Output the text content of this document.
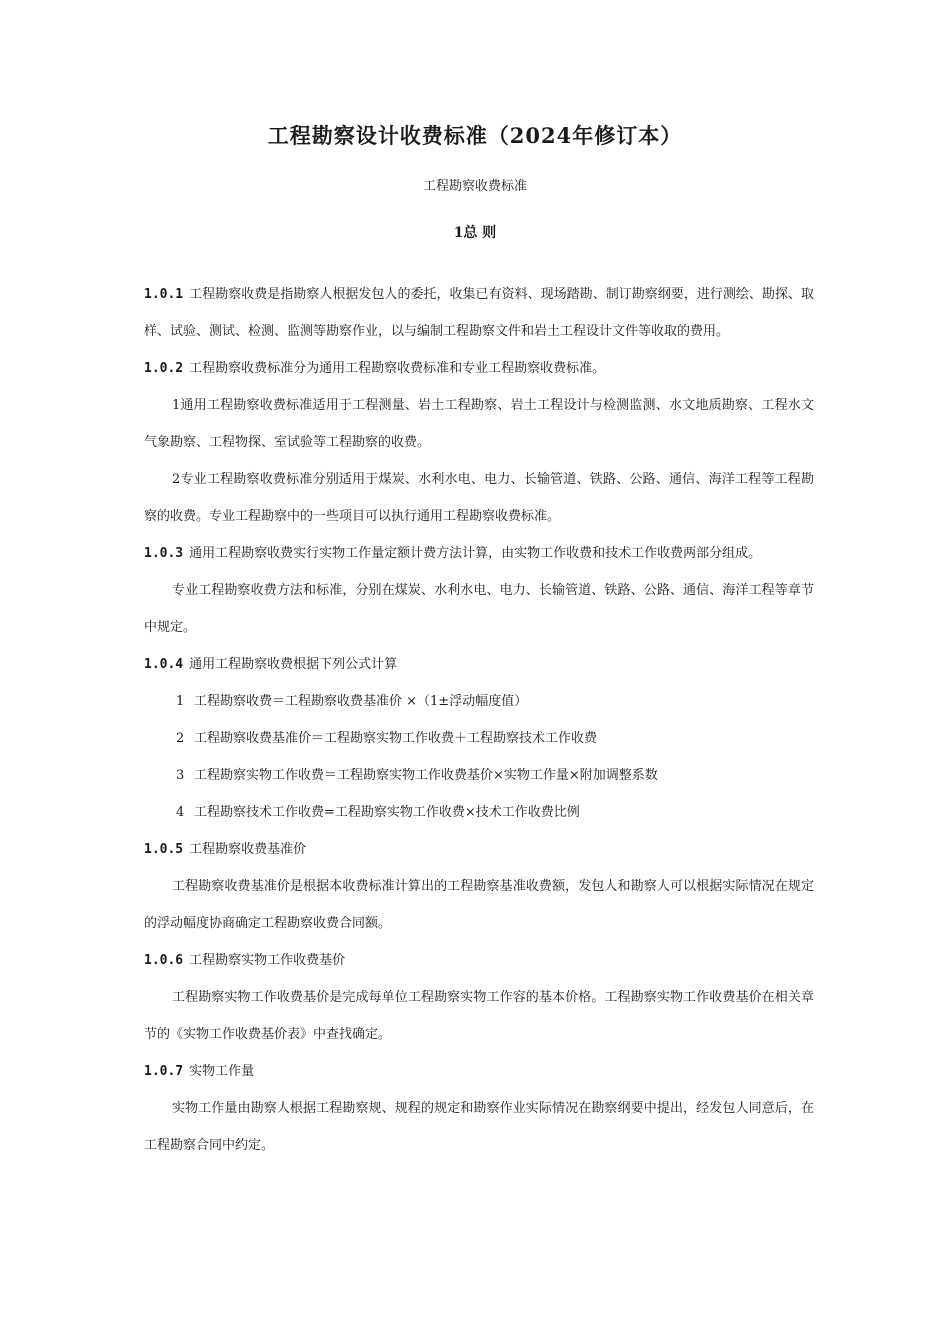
工程勘察设计收费标准（2024年修订本）
工程勘察收费标准
1总 则

1.0.1 工程勘察收费是指勘察人根据发包人的委托，收集已有资料、现场踏勘、制订勘察纲要，进行测绘、勘探、取样、试验、测试、检测、监测等勘察作业，以与编制工程勘察文件和岩土工程设计文件等收取的费用。

1.0.2 工程勘察收费标准分为通用工程勘察收费标准和专业工程勘察收费标准。

1通用工程勘察收费标准适用于工程测量、岩土工程勘察、岩土工程设计与检测监测、水文地质勘察、工程水文气象勘察、工程物探、室试验等工程勘察的收费。

2专业工程勘察收费标准分别适用于煤炭、水利水电、电力、长输管道、铁路、公路、通信、海洋工程等工程勘察的收费。专业工程勘察中的一些项目可以执行通用工程勘察收费标准。

1.0.3 通用工程勘察收费实行实物工作量定额计费方法计算，由实物工作收费和技术工作收费两部分组成。

专业工程勘察收费方法和标准，分别在煤炭、水利水电、电力、长输管道、铁路、公路、通信、海洋工程等章节中规定。

1.0.4 通用工程勘察收费根据下列公式计算

1 工程勘察收费＝工程勘察收费基准价 ×（1±浮动幅度值）

2 工程勘察收费基准价＝工程勘察实物工作收费＋工程勘察技术工作收费

3 工程勘察实物工作收费＝工程勘察实物工作收费基价×实物工作量×附加调整系数

4 工程勘察技术工作收费=工程勘察实物工作收费×技术工作收费比例

1.0.5 工程勘察收费基准价

工程勘察收费基准价是根据本收费标准计算出的工程勘察基准收费额，发包人和勘察人可以根据实际情况在规定的浮动幅度协商确定工程勘察收费合同额。

1.0.6 工程勘察实物工作收费基价

工程勘察实物工作收费基价是完成每单位工程勘察实物工作容的基本价格。工程勘察实物工作收费基价在相关章节的《实物工作收费基价表》中查找确定。

1.0.7 实物工作量

实物工作量由勘察人根据工程勘察规、规程的规定和勘察作业实际情况在勘察纲要中提出，经发包人同意后，在工程勘察合同中约定。
